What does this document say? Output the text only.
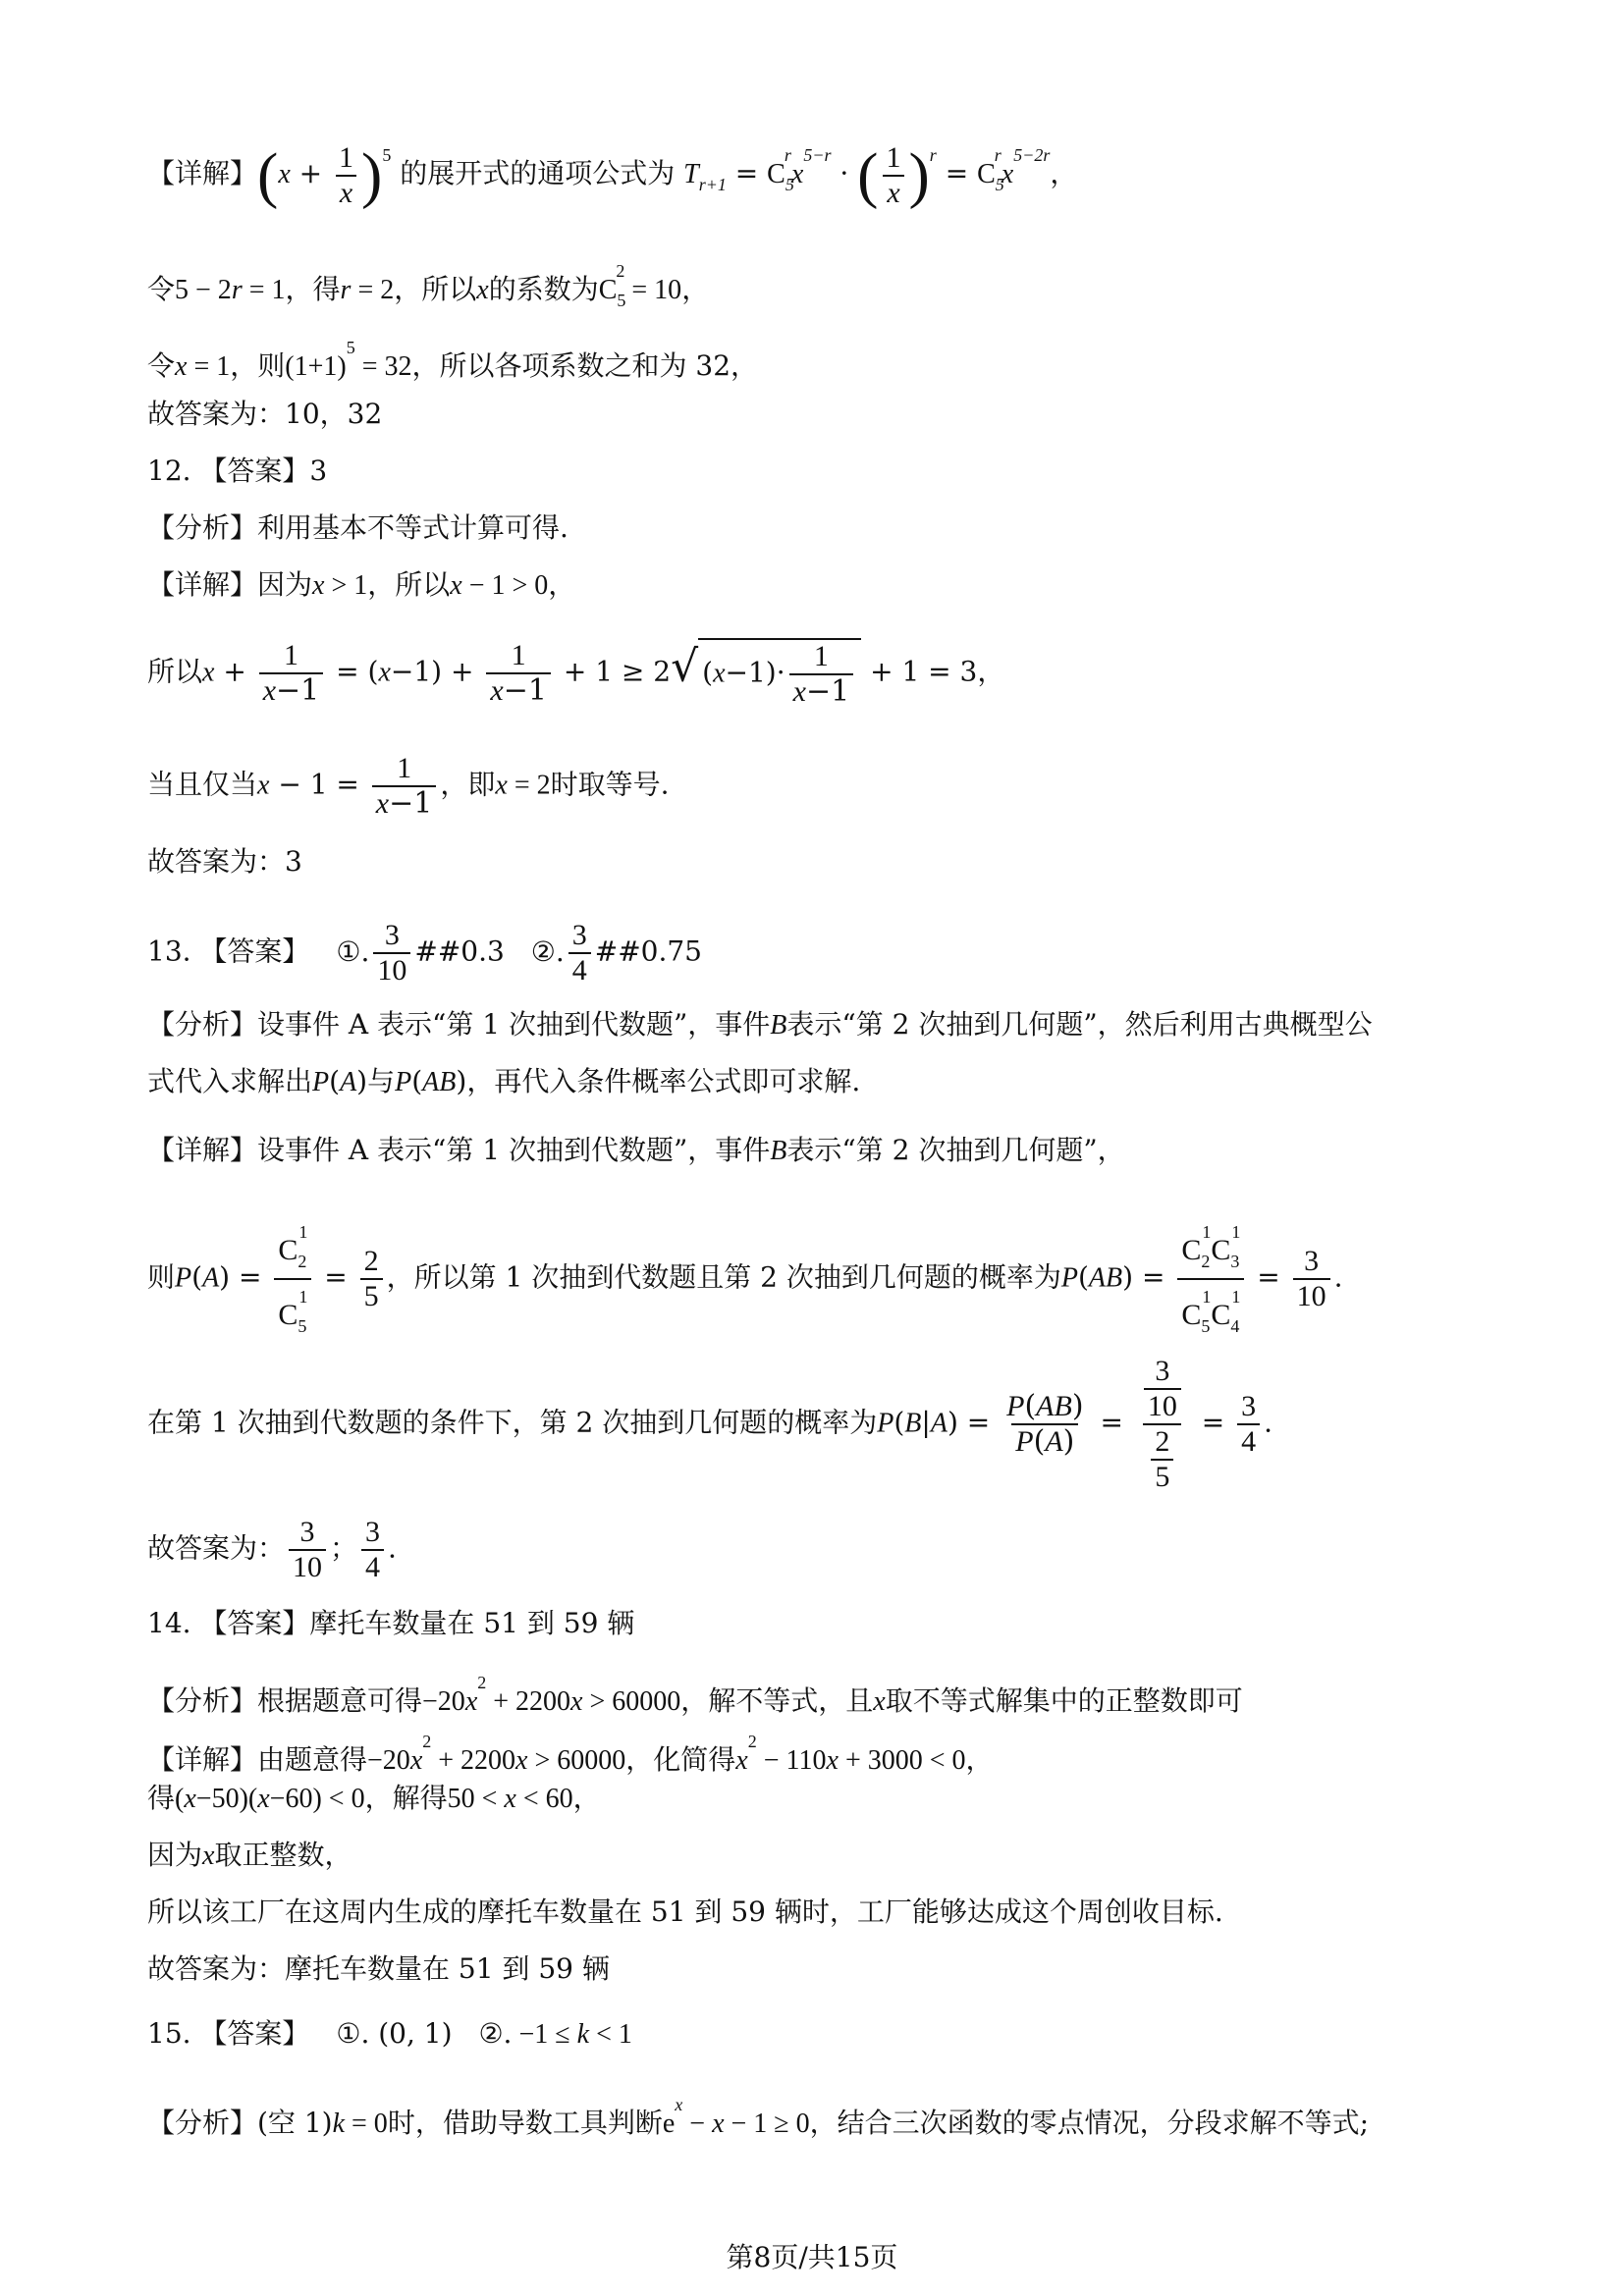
【详解】$(x + \frac{1}{x} )^5$ 的展开式的通项公式为 $T_{r+1} = C_5^rx^{5-r}$ · ( $\frac{1}{x} )^r = C_5^rx^{5-2r}$，
令5 − 2r = 1，得r = 2，所以x的系数为$C_5^2 = 10$，
令x = 1，则$(1+1)^5 = 32$，所以各项系数之和为 32，
故答案为：10，32
12. 【答案】3
【分析】利用基本不等式计算可得.
【详解】因为x > 1，所以x − 1 > 0，
所以$x + \frac{1}{x-1} = (x-1) + \frac{1}{x-1} + 1 \ge 2√$ $(x-1)\cdot \frac{1}{x-1} + 1 = 3$，
当且仅当$x - 1 = \frac{1}{x-1}$ ，即x = 2时取等号.
故答案为：3
13. 【答案】 ①. $\frac{3}{10}$ ##0.3 ②. $\frac{3}{4}$ ##0.75
【分析】设事件 A 表示“第 1 次抽到代数题”，事件B表示“第 2 次抽到几何题”，然后利用古典概型公
式代入求解出P(A)与P(AB)，再代入条件概率公式即可求解.
【详解】设事件 A 表示“第 1 次抽到代数题”，事件B表示“第 2 次抽到几何题”，
则$P(A) = \frac{C_2^1}{C_5^1} = \frac{2}{5}$ ，所以第 1 次抽到代数题且第 2 次抽到几何题的概率为$P(AB) = \frac{C_2^1C_3^1}{C_5^1C_4^1} = \frac{3}{10}$ .
在第 1 次抽到代数题的条件下，第 2 次抽到几何题的概率为$P(B|A) = \frac{P(AB)}{P(A)} = \frac{\frac{3}{10}}{\frac{2}{5}} = \frac{3}{4}$ .
故答案为： $\frac{3}{10}$ ； $\frac{3}{4}$ .
14. 【答案】摩托车数量在 51 到 59 辆
【分析】根据题意可得$-20x^2 + 2200x > 60000$，解不等式，且x取不等式解集中的正整数即可
【详解】由题意得$-20x^2 + 2200x > 60000$，化简得$x^2 - 110x + 3000 < 0$，
得(x−50)(x−60) < 0，解得50 < x < 60，
因为x取正整数，
所以该工厂在这周内生成的摩托车数量在 51 到 59 辆时，工厂能够达成这个周创收目标.
故答案为：摩托车数量在 51 到 59 辆
15. 【答案】 ①. (0, 1) ②. −1 ≤ k < 1
【分析】(空 1)k = 0时，借助导数工具判断$e^x - x - 1 \ge 0$，结合三次函数的零点情况，分段求解不等式;
第8页/共15页
